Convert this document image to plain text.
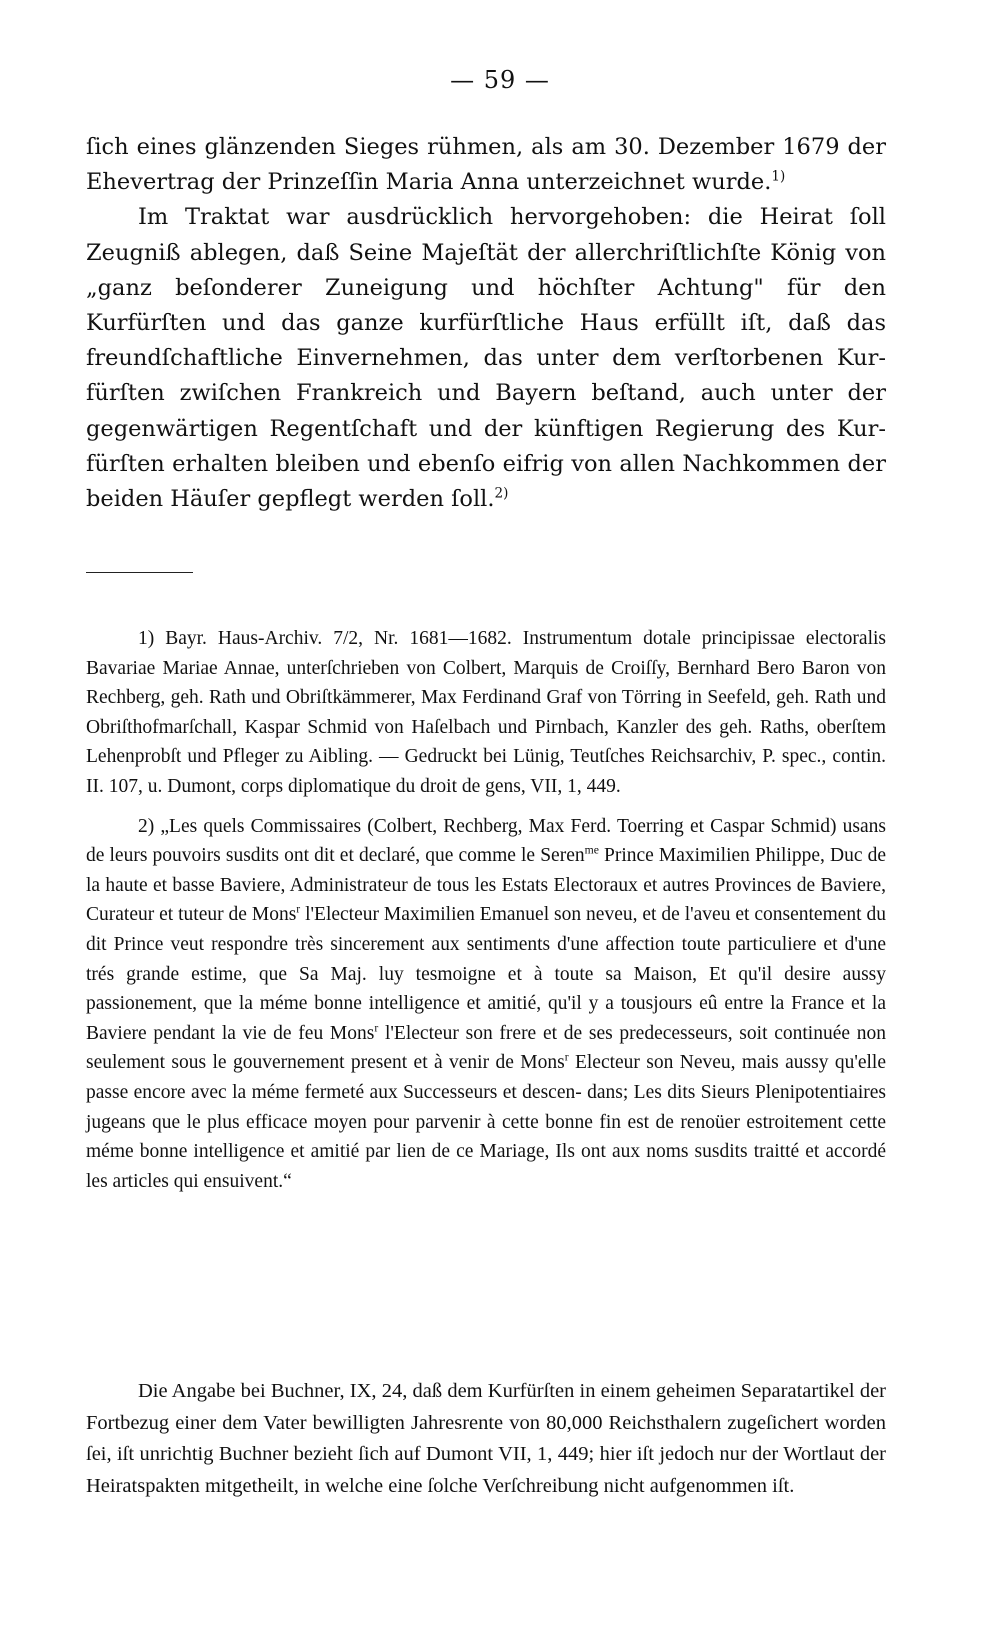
— 59 —

ſich eines glänzenden Sieges rühmen, als am 30. Dezember 1679 der Ehevertrag der Prinzeſſin Maria Anna unterzeichnet wurde.$^{1)}$

Im Traktat war ausdrücklich hervorgehoben: die Heirat ſoll Zeugniß ablegen, daß Seine Majeſtät der allerchriſtlichſte König von „ganz beſonderer Zuneigung und höchſter Achtung" für den Kurfürſten und das ganze kurfürſtliche Haus erfüllt iſt, daß das freundſchaftliche Einvernehmen, das unter dem verſtorbenen Kur- fürſten zwiſchen Frankreich und Bayern beſtand, auch unter der gegenwärtigen Regentſchaft und der künftigen Regierung des Kur- fürſten erhalten bleiben und ebenſo eifrig von allen Nachkommen der beiden Häuſer gepflegt werden ſoll.$^{2)}$

1) Bayr. Haus-Archiv. 7/2, Nr. 1681—1682. Instrumentum dotale principissae electoralis Bavariae Mariae Annae, unterſchrieben von Colbert, Marquis de Croiſſy, Bernhard Bero Baron von Rechberg, geh. Rath und Obriſtkämmerer, Max Ferdinand Graf von Törring in Seefeld, geh. Rath und Obriſthofmarſchall, Kaspar Schmid von Haſelbach und Pirnbach, Kanzler des geh. Raths, oberſtem Lehenprobſt und Pfleger zu Aibling. — Gedruckt bei Lünig, Teutſches Reichsarchiv, P. spec., contin. II. 107, u. Dumont, corps diplomatique du droit de gens, VII, 1, 449.

2) „Les quels Commissaires (Colbert, Rechberg, Max Ferd. Toerring et Caspar Schmid) usans de leurs pouvoirs susdits ont dit et declaré, que comme le Seren$^{me}$ Prince Maximilien Philippe, Duc de la haute et basse Baviere, Administrateur de tous les Estats Electoraux et autres Provinces de Baviere, Curateur et tuteur de Mons$^r$ l'Electeur Maximilien Emanuel son neveu, et de l'aveu et consentement du dit Prince veut respondre très sincerement aux sentiments d'une affection toute particuliere et d'une trés grande estime, que Sa Maj. luy tesmoigne et à toute sa Maison, Et qu'il desire aussy passionement, que la méme bonne intelligence et amitié, qu'il y a tousjours eû entre la France et la Baviere pendant la vie de feu Mons$^r$ l'Electeur son frere et de ses predecesseurs, soit continuée non seulement sous le gouvernement present et à venir de Mons$^r$ Electeur son Neveu, mais aussy qu'elle passe encore avec la méme fermeté aux Successeurs et descen- dans; Les dits Sieurs Plenipotentiaires jugeans que le plus efficace moyen pour parvenir à cette bonne fin est de renoüer estroitement cette méme bonne intelligence et amitié par lien de ce Mariage, Ils ont aux noms susdits traitté et accordé les articles qui ensuivent.“

Die Angabe bei Buchner, IX, 24, daß dem Kurfürſten in einem geheimen Separatartikel der Fortbezug einer dem Vater bewilligten Jahresrente von 80,000 Reichsthalern zugeſichert worden ſei, iſt unrichtig Buchner bezieht ſich auf Dumont VII, 1, 449; hier iſt jedoch nur der Wortlaut der Heiratspakten mitgetheilt, in welche eine ſolche Verſchreibung nicht aufgenommen iſt.
